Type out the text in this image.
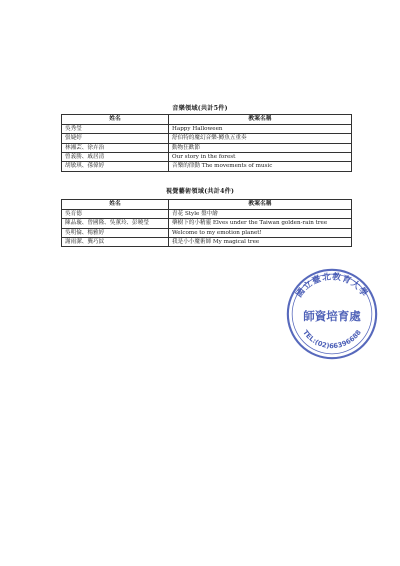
音樂領域(共計5件)
姓名	教案名稱
吳秀瑩	Happy Halloween
張婕婷	舒伯特的魔幻音樂-鱒魚五重奏
林湘芸、徐卉治	動物狂歡節
曾義勝、戚居清	Our story in the forest
胡敏琪、孫偉婷	音樂的律動 The movements of music
視覺藝術領域(共計4件)
姓名	教案名稱
吳育德	青花 Style 盤中繪
陳品璇、曾國隆、吳薰玲、彭曉瑩	藥樹下的小精靈 Elves under the Taiwan golden-rain tree
吳明倫、楊雅婷	Welcome to my emotion planet!
謝雨潔、龔巧紋	我是小小魔術師 My magical tree
國立臺北教育大學
師資培育處
TEL:(02)66396688
